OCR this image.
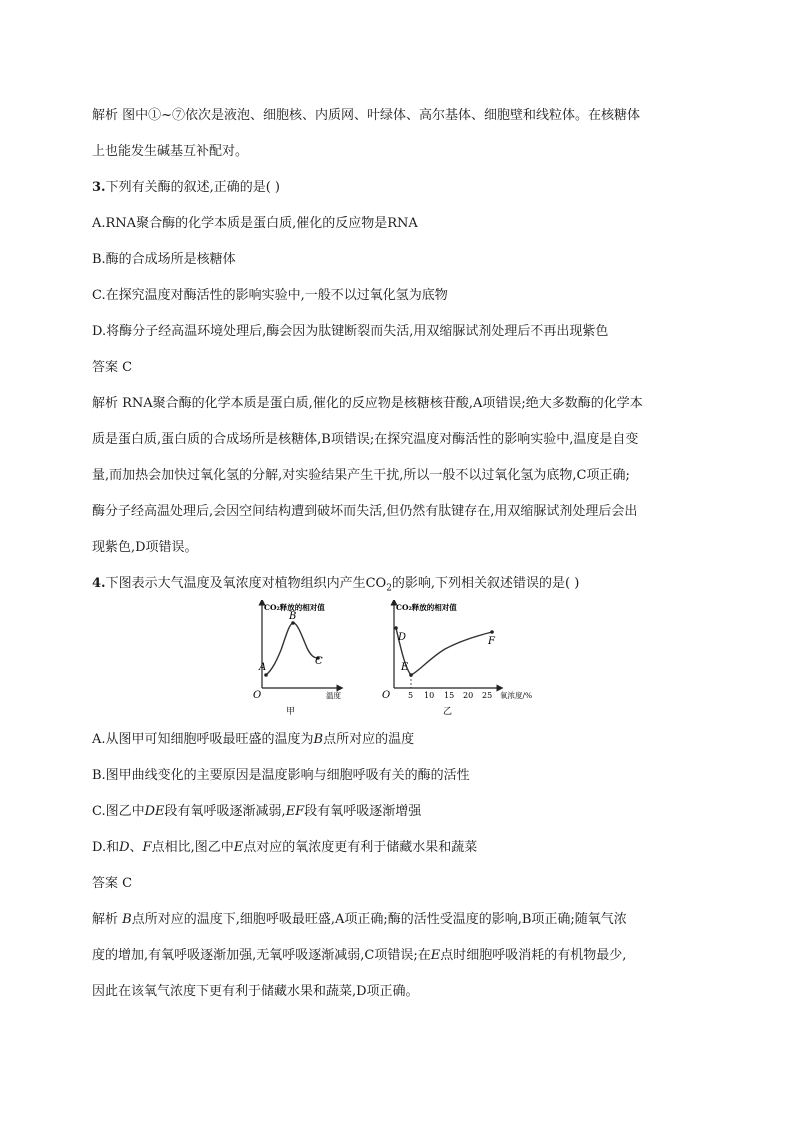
解析 图中①~⑦依次是液泡、细胞核、内质网、叶绿体、高尔基体、细胞壁和线粒体。在核糖体
上也能发生碱基互补配对。
3.下列有关酶的叙述,正确的是( )
A.RNA聚合酶的化学本质是蛋白质,催化的反应物是RNA
B.酶的合成场所是核糖体
C.在探究温度对酶活性的影响实验中,一般不以过氧化氢为底物
D.将酶分子经高温环境处理后,酶会因为肽键断裂而失活,用双缩脲试剂处理后不再出现紫色
答案 C
解析 RNA聚合酶的化学本质是蛋白质,催化的反应物是核糖核苷酸,A项错误;绝大多数酶的化学本
质是蛋白质,蛋白质的合成场所是核糖体,B项错误;在探究温度对酶活性的影响实验中,温度是自变
量,而加热会加快过氧化氢的分解,对实验结果产生干扰,所以一般不以过氧化氢为底物,C项正确;
酶分子经高温处理后,会因空间结构遭到破坏而失活,但仍然有肽键存在,用双缩脲试剂处理后会出
现紫色,D项错误。
4.下图表示大气温度及氧浓度对植物组织内产生$CO_2$的影响,下列相关叙述错误的是( )
CO₂释放的相对值
温度
O
A
B
C
甲
CO₂释放的相对值
氧浓度/%
O 5 10 15 20 25
D
E
F
乙
A.从图甲可知细胞呼吸最旺盛的温度为B点所对应的温度
B.图甲曲线变化的主要原因是温度影响与细胞呼吸有关的酶的活性
C.图乙中DE段有氧呼吸逐渐减弱,EF段有氧呼吸逐渐增强
D.和D、F点相比,图乙中E点对应的氧浓度更有利于储藏水果和蔬菜
答案 C
解析 B点所对应的温度下,细胞呼吸最旺盛,A项正确;酶的活性受温度的影响,B项正确;随氧气浓
度的增加,有氧呼吸逐渐加强,无氧呼吸逐渐减弱,C项错误;在E点时细胞呼吸消耗的有机物最少,
因此在该氧气浓度下更有利于储藏水果和蔬菜,D项正确。
